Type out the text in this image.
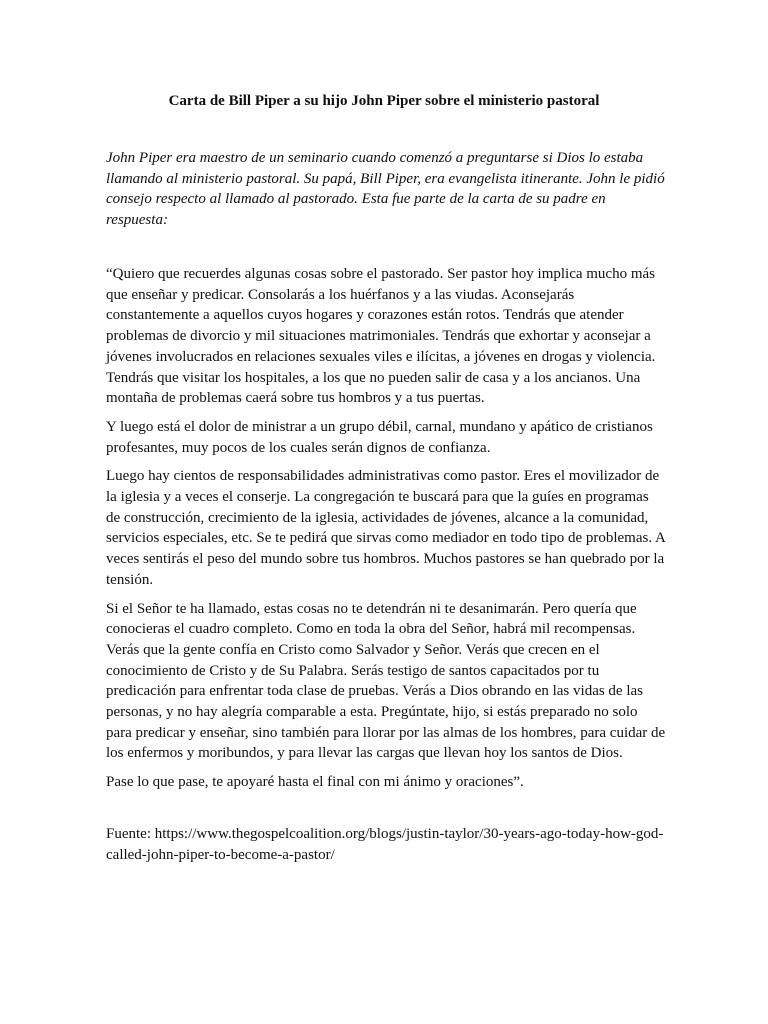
Carta de Bill Piper a su hijo John Piper sobre el ministerio pastoral

John Piper era maestro de un seminario cuando comenzó a preguntarse si Dios lo estaba llamando al ministerio pastoral. Su papá, Bill Piper, era evangelista itinerante. John le pidió consejo respecto al llamado al pastorado. Esta fue parte de la carta de su padre en respuesta:

“Quiero que recuerdes algunas cosas sobre el pastorado. Ser pastor hoy implica mucho más que enseñar y predicar. Consolarás a los huérfanos y a las viudas. Aconsejarás constantemente a aquellos cuyos hogares y corazones están rotos. Tendrás que atender problemas de divorcio y mil situaciones matrimoniales. Tendrás que exhortar y aconsejar a jóvenes involucrados en relaciones sexuales viles e ilícitas, a jóvenes en drogas y violencia. Tendrás que visitar los hospitales, a los que no pueden salir de casa y a los ancianos. Una montaña de problemas caerá sobre tus hombros y a tus puertas.

Y luego está el dolor de ministrar a un grupo débil, carnal, mundano y apático de cristianos profesantes, muy pocos de los cuales serán dignos de confianza.

Luego hay cientos de responsabilidades administrativas como pastor. Eres el movilizador de la iglesia y a veces el conserje. La congregación te buscará para que la guíes en programas de construcción, crecimiento de la iglesia, actividades de jóvenes, alcance a la comunidad, servicios especiales, etc. Se te pedirá que sirvas como mediador en todo tipo de problemas. A veces sentirás el peso del mundo sobre tus hombros. Muchos pastores se han quebrado por la tensión.

Si el Señor te ha llamado, estas cosas no te detendrán ni te desanimarán. Pero quería que conocieras el cuadro completo. Como en toda la obra del Señor, habrá mil recompensas. Verás que la gente confía en Cristo como Salvador y Señor. Verás que crecen en el conocimiento de Cristo y de Su Palabra. Serás testigo de santos capacitados por tu predicación para enfrentar toda clase de pruebas. Verás a Dios obrando en las vidas de las personas, y no hay alegría comparable a esta. Pregúntate, hijo, si estás preparado no solo para predicar y enseñar, sino también para llorar por las almas de los hombres, para cuidar de los enfermos y moribundos, y para llevar las cargas que llevan hoy los santos de Dios.

Pase lo que pase, te apoyaré hasta el final con mi ánimo y oraciones”.

Fuente: https://www.thegospelcoalition.org/blogs/justin-taylor/30-years-ago-today-how-god-called-john-piper-to-become-a-pastor/
